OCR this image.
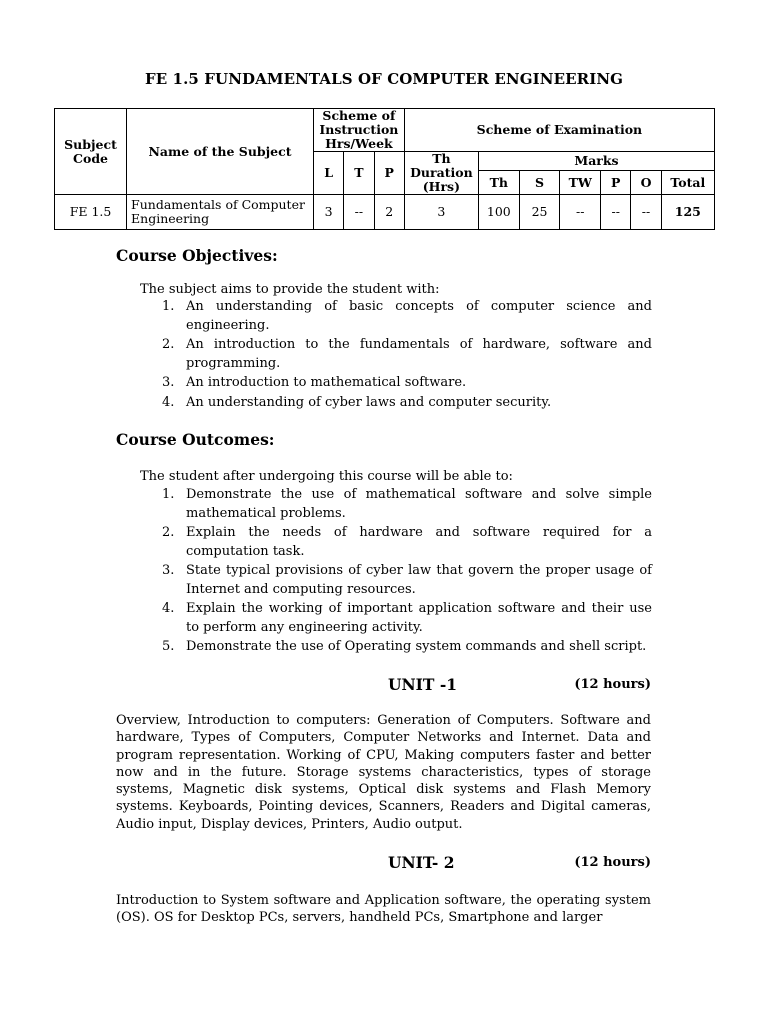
FE 1.5 FUNDAMENTALS OF COMPUTER ENGINEERING
Subject Code	Name of the Subject	Scheme of Instruction Hrs/Week			Scheme of Examination						
		L	T	P	Th Duration (Hrs)	Marks					
						Th	S	TW	P	O	Total
FE 1.5	Fundamentals of Computer Engineering	3	--	2	3	100	25	--	--	--	125
Course Objectives:
The subject aims to provide the student with:
1. An understanding of basic concepts of computer science and engineering.
2. An introduction to the fundamentals of hardware, software and programming.
3. An introduction to mathematical software.
4. An understanding of cyber laws and computer security.
Course Outcomes:
The student after undergoing this course will be able to:
1. Demonstrate the use of mathematical software and solve simple mathematical problems.
2. Explain the needs of hardware and software required for a computation task.
3. State typical provisions of cyber law that govern the proper usage of Internet and computing resources.
4. Explain the working of important application software and their use to perform any engineering activity.
5. Demonstrate the use of Operating system commands and shell script.
UNIT -1	(12 hours)
Overview, Introduction to computers: Generation of Computers. Software and hardware, Types of Computers, Computer Networks and Internet. Data and program representation. Working of CPU, Making computers faster and better now and in the future. Storage systems characteristics, types of storage systems, Magnetic disk systems, Optical disk systems and Flash Memory systems. Keyboards, Pointing devices, Scanners, Readers and Digital cameras, Audio input, Display devices, Printers, Audio output.
UNIT- 2	(12 hours)
Introduction to System software and Application software, the operating system (OS). OS for Desktop PCs, servers, handheld PCs, Smartphone and larger
